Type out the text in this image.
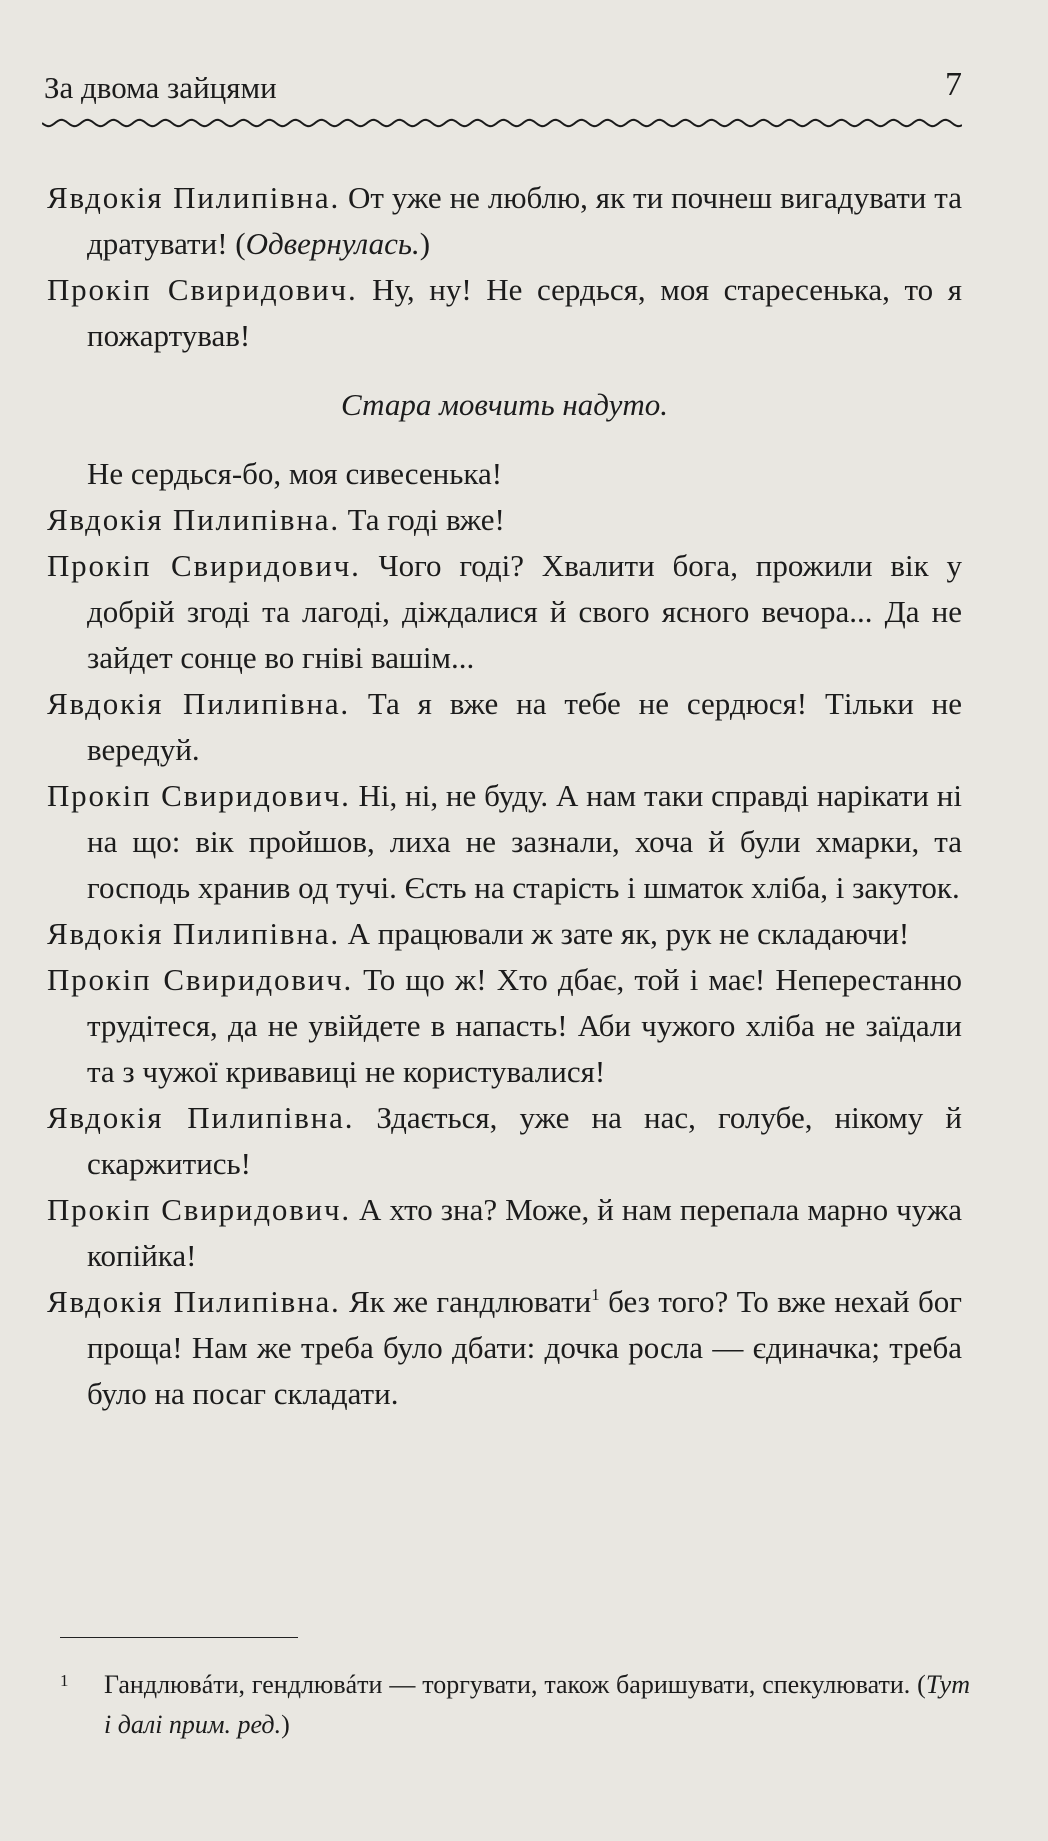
За двома зайцями	7

Явдокія Пилипівна. От уже не люблю, як ти почнеш вигадувати та дратувати! (Одвернулась.)

Прокіп Свиридович. Ну, ну! Не сердься, моя старесенька, то я пожартував!

Стара мовчить надуто.

Не сердься-бо, моя сивесенька!

Явдокія Пилипівна. Та годі вже!

Прокіп Свиридович. Чого годі? Хвалити бога, прожили вік у добрій згоді та лагоді, діждалися й свого ясного вечора... Да не зайдет сонце во гніві вашім...

Явдокія Пилипівна. Та я вже на тебе не сердюся! Тільки не вередуй.

Прокіп Свиридович. Ні, ні, не буду. А нам таки справді нарікати ні на що: вік пройшов, лиха не зазнали, хоча й були хмарки, та господь хранив од тучі. Єсть на старість і шматок хліба, і закуток.

Явдокія Пилипівна. А працювали ж зате як, рук не складаючи!

Прокіп Свиридович. То що ж! Хто дбає, той і має! Неперестанно трудітеся, да не увійдете в напасть! Аби чужого хліба не заїдали та з чужої кривавиці не користувалися!

Явдокія Пилипівна. Здається, уже на нас, голубе, нікому й скаржитись!

Прокіп Свиридович. А хто зна? Може, й нам перепала марно чужа копійка!

Явдокія Пилипівна. Як же гандлювати$^1$ без того? То вже нехай бог проща! Нам же треба було дбати: дочка росла — єдиначка; треба було на посаг складати.

1 Гандлювáти, гендлювáти — торгувати, також баришувати, спекулювати. (Тут і далі прим. ред.)
